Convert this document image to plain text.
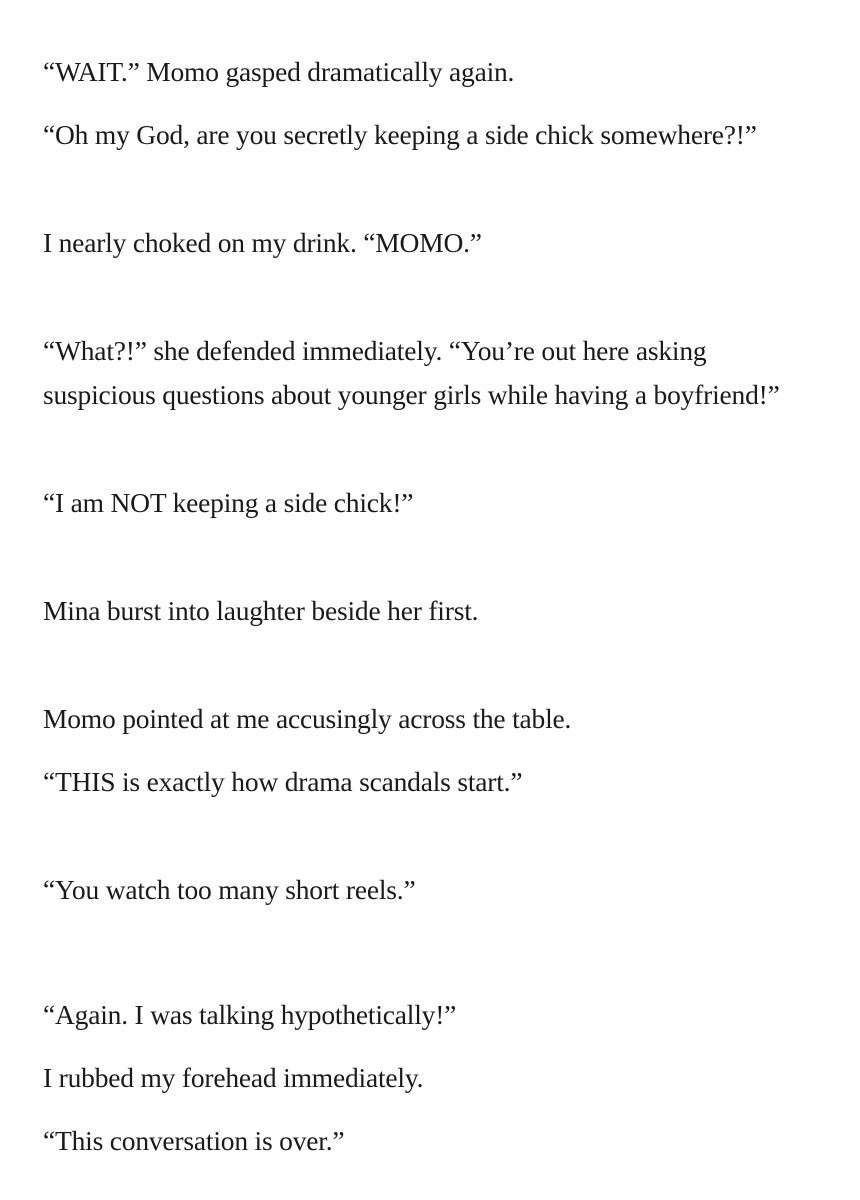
“WAIT.” Momo gasped dramatically again.

“Oh my God, are you secretly keeping a side chick somewhere?!”

I nearly choked on my drink. “MOMO.”

“What?!” she defended immediately. “You’re out here asking

suspicious questions about younger girls while having a boyfriend!”

“I am NOT keeping a side chick!”

Mina burst into laughter beside her first.

Momo pointed at me accusingly across the table.

“THIS is exactly how drama scandals start.”

“You watch too many short reels.”

“Again. I was talking hypothetically!”

I rubbed my forehead immediately.

“This conversation is over.”
